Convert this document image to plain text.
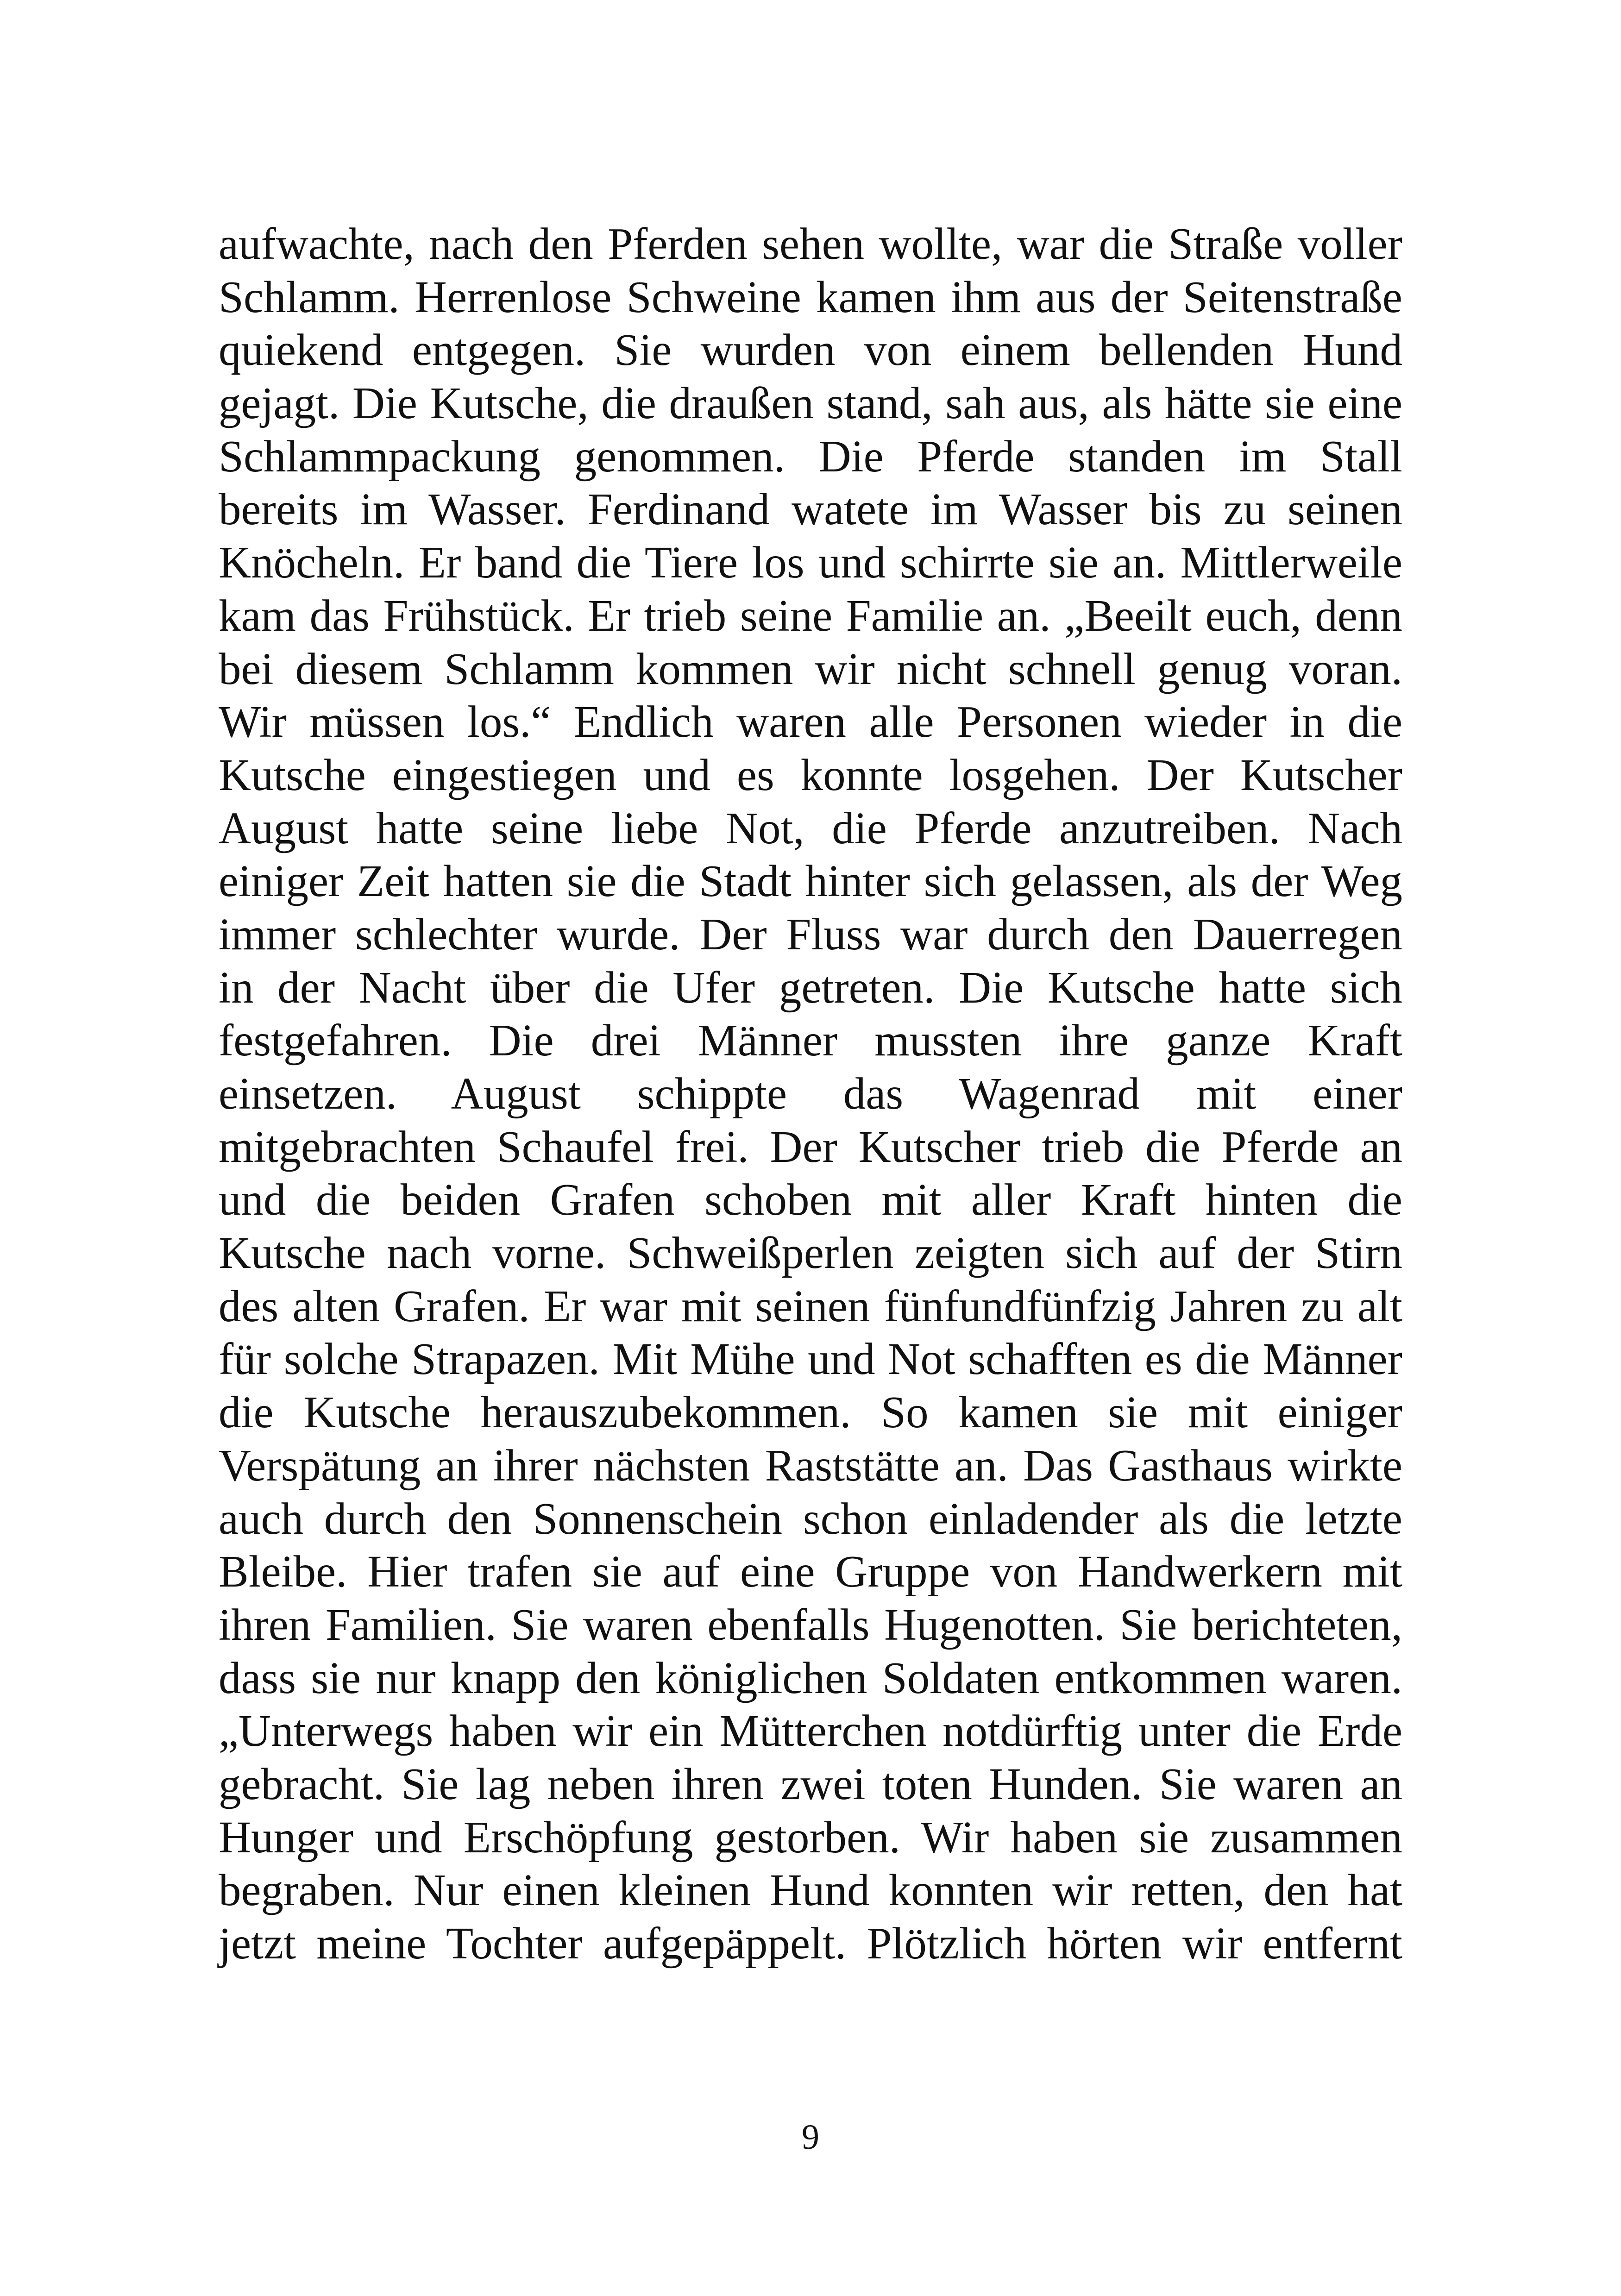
aufwachte, nach den Pferden sehen wollte, war die Straße voller
Schlamm. Herrenlose Schweine kamen ihm aus der Seitenstraße
quiekend entgegen. Sie wurden von einem bellenden Hund
gejagt. Die Kutsche, die draußen stand, sah aus, als hätte sie eine
Schlammpackung genommen. Die Pferde standen im Stall
bereits im Wasser. Ferdinand watete im Wasser bis zu seinen
Knöcheln. Er band die Tiere los und schirrte sie an. Mittlerweile
kam das Frühstück. Er trieb seine Familie an. „Beeilt euch, denn
bei diesem Schlamm kommen wir nicht schnell genug voran.
Wir müssen los.“ Endlich waren alle Personen wieder in die
Kutsche eingestiegen und es konnte losgehen. Der Kutscher
August hatte seine liebe Not, die Pferde anzutreiben. Nach
einiger Zeit hatten sie die Stadt hinter sich gelassen, als der Weg
immer schlechter wurde. Der Fluss war durch den Dauerregen
in der Nacht über die Ufer getreten. Die Kutsche hatte sich
festgefahren. Die drei Männer mussten ihre ganze Kraft
einsetzen. August schippte das Wagenrad mit einer
mitgebrachten Schaufel frei. Der Kutscher trieb die Pferde an
und die beiden Grafen schoben mit aller Kraft hinten die
Kutsche nach vorne. Schweißperlen zeigten sich auf der Stirn
des alten Grafen. Er war mit seinen fünfundfünfzig Jahren zu alt
für solche Strapazen. Mit Mühe und Not schafften es die Männer
die Kutsche herauszubekommen. So kamen sie mit einiger
Verspätung an ihrer nächsten Raststätte an. Das Gasthaus wirkte
auch durch den Sonnenschein schon einladender als die letzte
Bleibe. Hier trafen sie auf eine Gruppe von Handwerkern mit
ihren Familien. Sie waren ebenfalls Hugenotten. Sie berichteten,
dass sie nur knapp den königlichen Soldaten entkommen waren.
„Unterwegs haben wir ein Mütterchen notdürftig unter die Erde
gebracht. Sie lag neben ihren zwei toten Hunden. Sie waren an
Hunger und Erschöpfung gestorben. Wir haben sie zusammen
begraben. Nur einen kleinen Hund konnten wir retten, den hat
jetzt meine Tochter aufgepäppelt. Plötzlich hörten wir entfernt
9
